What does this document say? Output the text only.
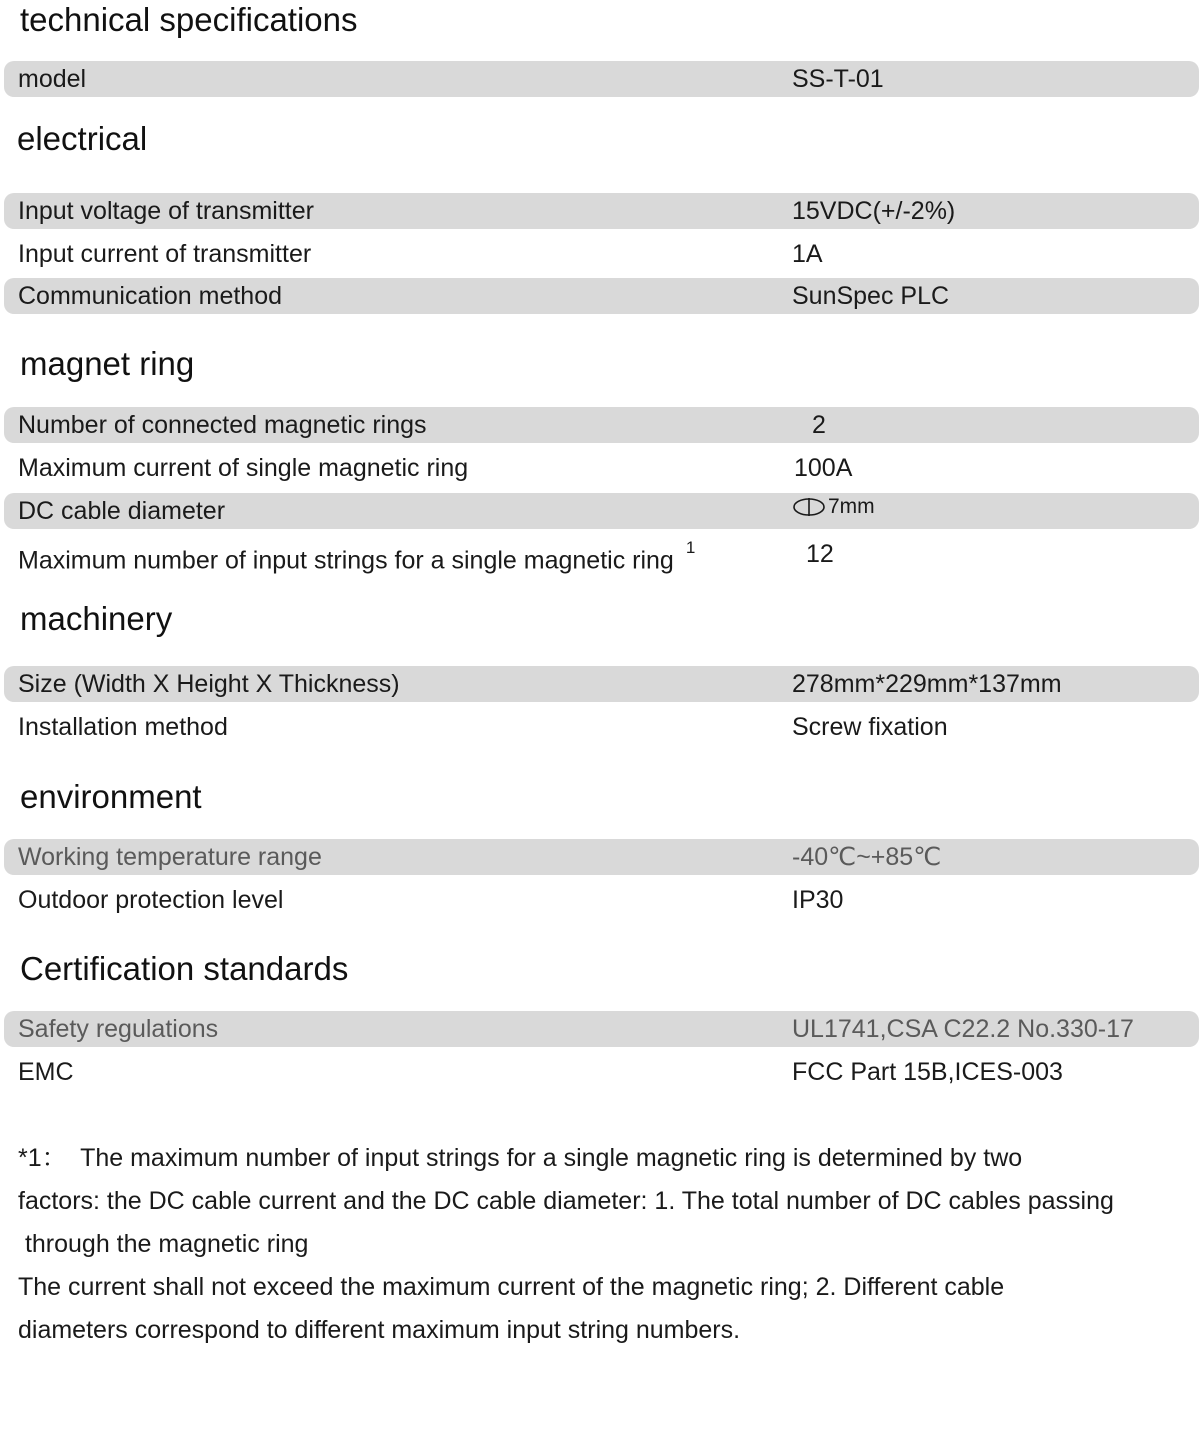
technical specifications
model	SS-T-01
electrical
Input voltage of transmitter	15VDC(+/-2%)
Input current of transmitter	1A
Communication method	SunSpec PLC
magnet ring
Number of connected magnetic rings	2
Maximum current of single magnetic ring	100A
DC cable diameter	7mm
Maximum number of input strings for a single magnetic ring $^1$	12
machinery
Size (Width X Height X Thickness)	278mm*229mm*137mm
Installation method	Screw fixation
environment
Working temperature range	-40℃~+85℃
Outdoor protection level	IP30
Certification standards
Safety regulations	UL1741,CSA C22.2 No.330-17
EMC	FCC Part 15B,ICES-003

*1：  The maximum number of input strings for a single magnetic ring is determined by two

factors: the DC cable current and the DC cable diameter: 1. The total number of DC cables passing

through the magnetic ring

The current shall not exceed the maximum current of the magnetic ring; 2. Different cable

diameters correspond to different maximum input string numbers.
